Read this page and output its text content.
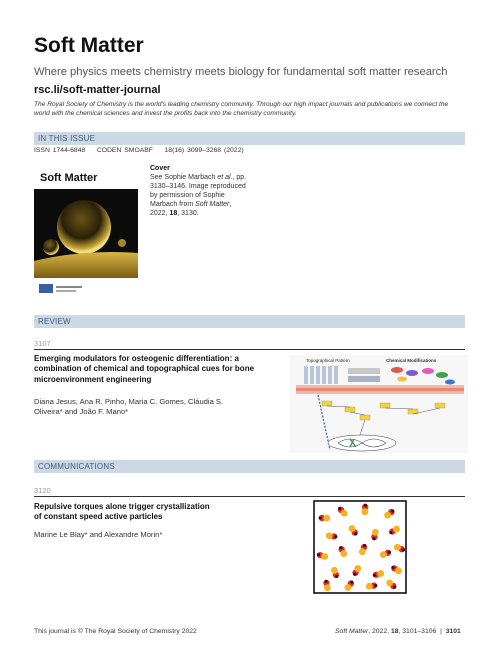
Soft Matter
Where physics meets chemistry meets biology for fundamental soft matter research
rsc.li/soft-matter-journal
The Royal Society of Chemistry is the world's leading chemistry community. Through our high impact journals and publications we connect the world with the chemical sciences and invest the profits back into the chemistry community.
IN THIS ISSUE
ISSN 1744-6848 CODEN SMOABF 18(16) 3099–3268 (2022)
Soft Matter
Cover
See Sophie Marbach et al., pp. 3130–3146. Image reproduced by permission of Sophie Marbach from Soft Matter, 2022, 18, 3130.
REVIEW
3107
Emerging modulators for osteogenic differentiation: a combination of chemical and topographical cues for bone microenvironment engineering
Diana Jesus, Ana R. Pinho, Maria C. Gomes, Cláudia S. Oliveira* and João F. Mano*
Topographical Pattern	Chemical Modifications
COMMUNICATIONS
3120
Repulsive torques alone trigger crystallization of constant speed active particles
Marine Le Blay* and Alexandre Morin*
This journal is © The Royal Society of Chemistry 2022	Soft Matter, 2022, 18, 3101–3106 | 3101
